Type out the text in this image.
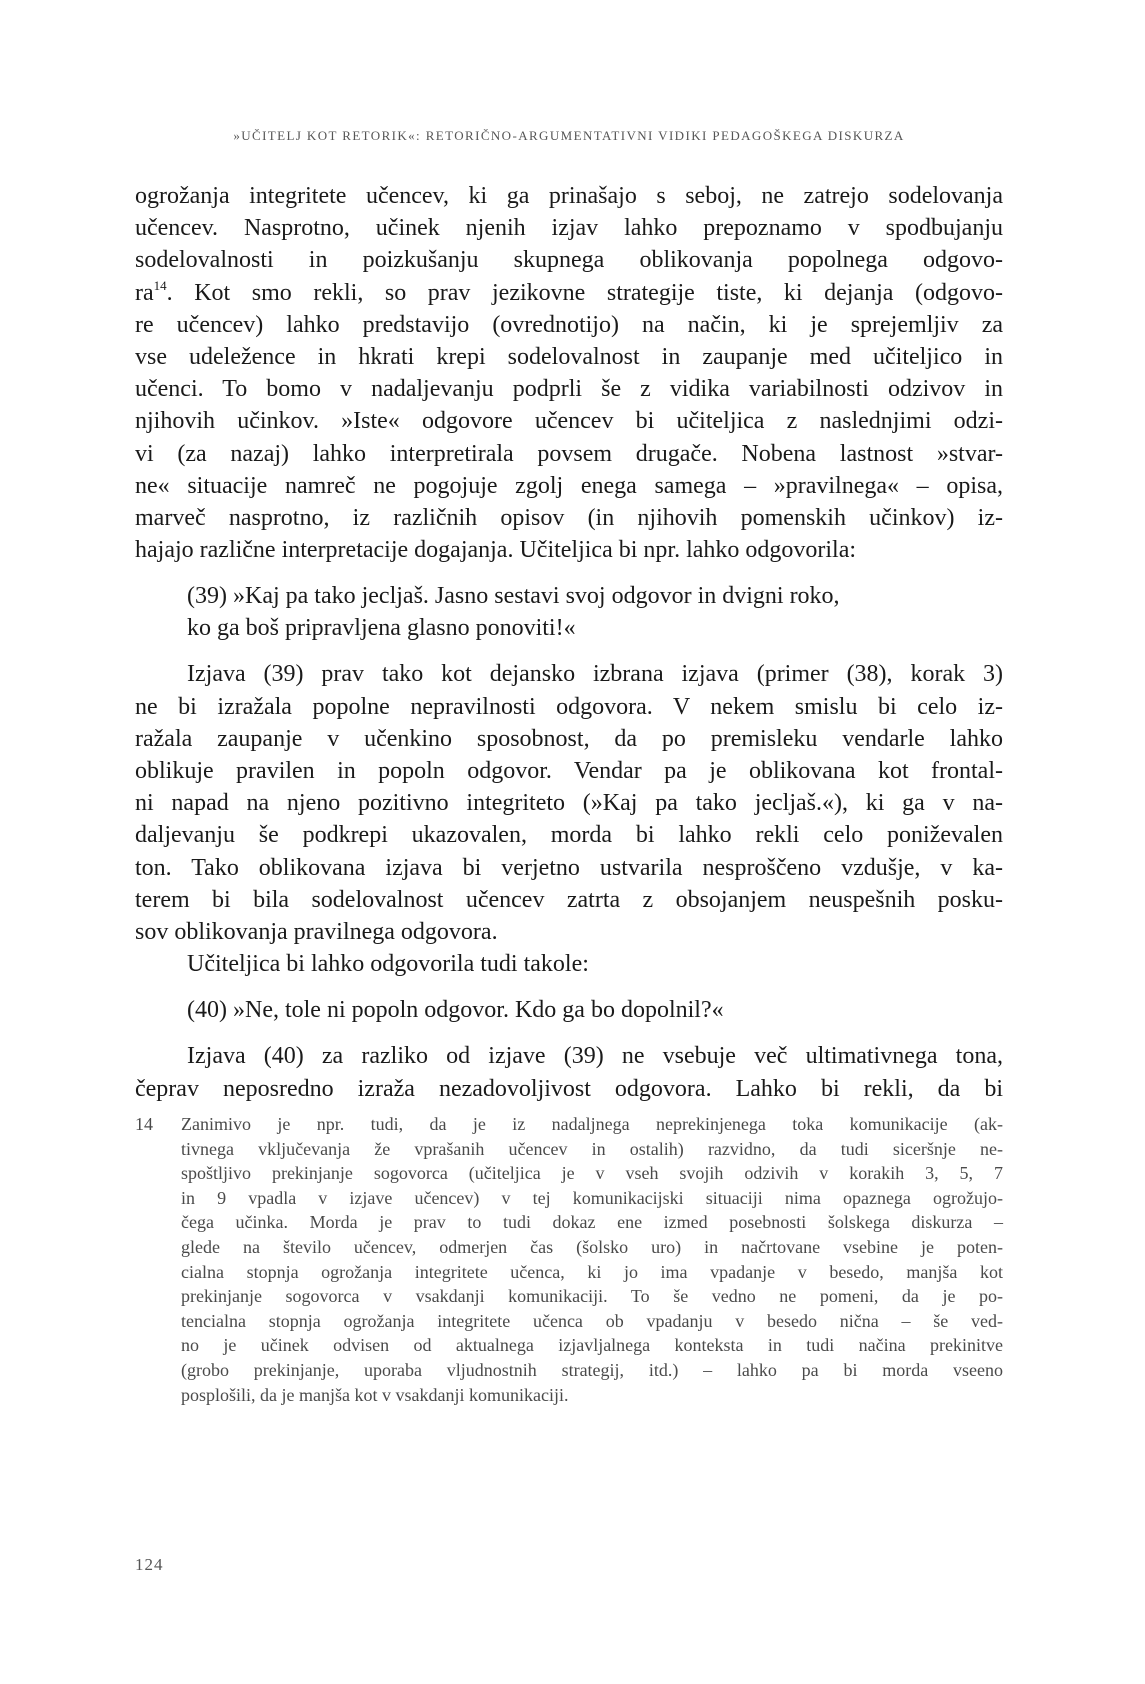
»UČITELJ KOT RETORIK«: RETORIČNO-ARGUMENTATIVNI VIDIKI PEDAGOŠKEGA DISKURZA
ogrožanja integritete učencev, ki ga prinašajo s seboj, ne zatrejo sodelovanja
učencev. Nasprotno, učinek njenih izjav lahko prepoznamo v spodbujanju
sodelovalnosti in poizkušanju skupnega oblikovanja popolnega odgovo-
$ra^{14}$. Kot smo rekli, so prav jezikovne strategije tiste, ki dejanja (odgovo-
re učencev) lahko predstavijo (ovrednotijo) na način, ki je sprejemljiv za
vse udeležence in hkrati krepi sodelovalnost in zaupanje med učiteljico in
učenci. To bomo v nadaljevanju podprli še z vidika variabilnosti odzivov in
njihovih učinkov. »Iste« odgovore učencev bi učiteljica z naslednjimi odzi-
vi (za nazaj) lahko interpretirala povsem drugače. Nobena lastnost »stvar-
ne« situacije namreč ne pogojuje zgolj enega samega – »pravilnega« – opisa,
marveč nasprotno, iz različnih opisov (in njihovih pomenskih učinkov) iz-
hajajo različne interpretacije dogajanja. Učiteljica bi npr. lahko odgovorila:
(39) »Kaj pa tako jecljaš. Jasno sestavi svoj odgovor in dvigni roko,
ko ga boš pripravljena glasno ponoviti!«
Izjava (39) prav tako kot dejansko izbrana izjava (primer (38), korak 3)
ne bi izražala popolne nepravilnosti odgovora. V nekem smislu bi celo iz-
ražala zaupanje v učenkino sposobnost, da po premisleku vendarle lahko
oblikuje pravilen in popoln odgovor. Vendar pa je oblikovana kot frontal-
ni napad na njeno pozitivno integriteto (»Kaj pa tako jecljaš.«), ki ga v na-
daljevanju še podkrepi ukazovalen, morda bi lahko rekli celo poniževalen
ton. Tako oblikovana izjava bi verjetno ustvarila nesproščeno vzdušje, v ka-
terem bi bila sodelovalnost učencev zatrta z obsojanjem neuspešnih posku-
sov oblikovanja pravilnega odgovora.
Učiteljica bi lahko odgovorila tudi takole:
(40) »Ne, tole ni popoln odgovor. Kdo ga bo dopolnil?«
Izjava (40) za razliko od izjave (39) ne vsebuje več ultimativnega tona,
čeprav neposredno izraža nezadovoljivost odgovora. Lahko bi rekli, da bi
14 Zanimivo je npr. tudi, da je iz nadaljnega neprekinjenega toka komunikacije (ak-
tivnega vključevanja že vprašanih učencev in ostalih) razvidno, da tudi siceršnje ne-
spoštljivo prekinjanje sogovorca (učiteljica je v vseh svojih odzivih v korakih 3, 5, 7
in 9 vpadla v izjave učencev) v tej komunikacijski situaciji nima opaznega ogrožujo-
čega učinka. Morda je prav to tudi dokaz ene izmed posebnosti šolskega diskurza –
glede na število učencev, odmerjen čas (šolsko uro) in načrtovane vsebine je poten-
cialna stopnja ogrožanja integritete učenca, ki jo ima vpadanje v besedo, manjša kot
prekinjanje sogovorca v vsakdanji komunikaciji. To še vedno ne pomeni, da je po-
tencialna stopnja ogrožanja integritete učenca ob vpadanju v besedo nična – še ved-
no je učinek odvisen od aktualnega izjavljalnega konteksta in tudi načina prekinitve
(grobo prekinjanje, uporaba vljudnostnih strategij, itd.) – lahko pa bi morda vseeno
posplošili, da je manjša kot v vsakdanji komunikaciji.
124
